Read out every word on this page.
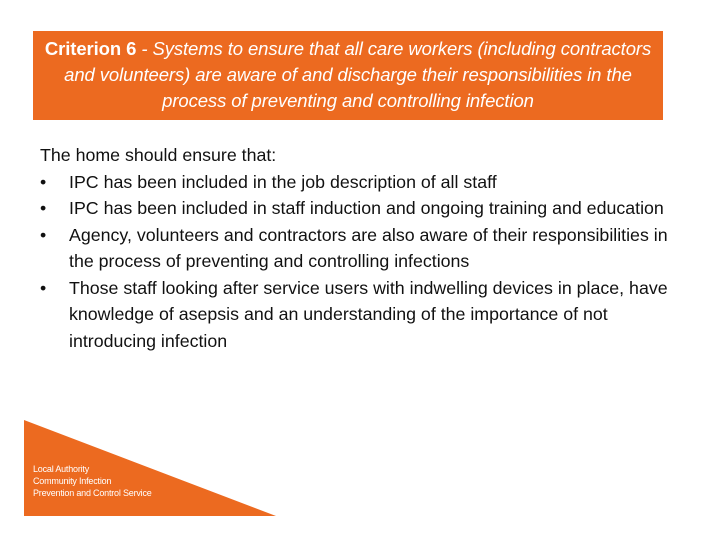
Criterion 6 - Systems to ensure that all care workers (including contractors and volunteers) are aware of and discharge their responsibilities in the process of preventing and controlling infection

The home should ensure that:

• IPC has been included in the job description of all staff
• IPC has been included in staff induction and ongoing training and education
• Agency, volunteers and contractors are also aware of their responsibilities in the process of preventing and controlling infections
• Those staff looking after service users with indwelling devices in place, have knowledge of asepsis and an understanding of the importance of not introducing infection
Local Authority
Community Infection
Prevention and Control Service
